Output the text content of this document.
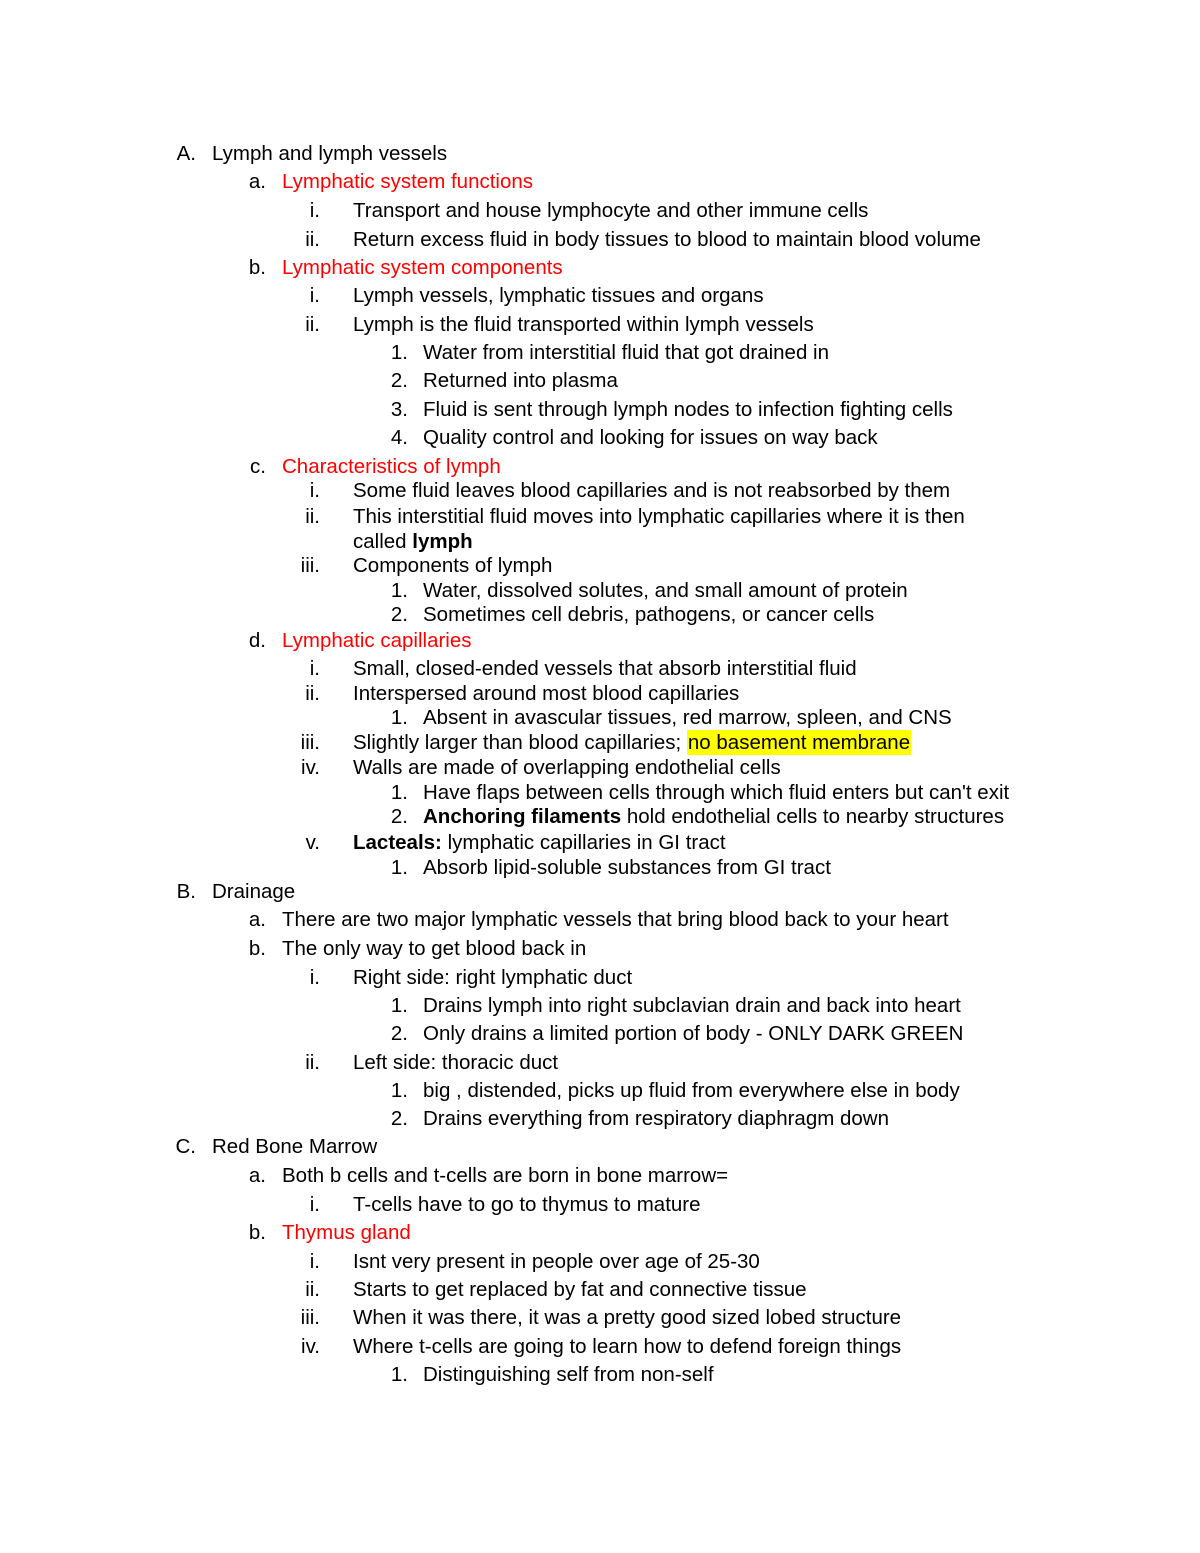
A. Lymph and lymph vessels
a. Lymphatic system functions
i. Transport and house lymphocyte and other immune cells
ii. Return excess fluid in body tissues to blood to maintain blood volume
b. Lymphatic system components
i. Lymph vessels, lymphatic tissues and organs
ii. Lymph is the fluid transported within lymph vessels
1. Water from interstitial fluid that got drained in
2. Returned into plasma
3. Fluid is sent through lymph nodes to infection fighting cells
4. Quality control and looking for issues on way back
c. Characteristics of lymph
i. Some fluid leaves blood capillaries and is not reabsorbed by them
ii. This interstitial fluid moves into lymphatic capillaries where it is then
called lymph
iii. Components of lymph
1. Water, dissolved solutes, and small amount of protein
2. Sometimes cell debris, pathogens, or cancer cells
d. Lymphatic capillaries
i. Small, closed-ended vessels that absorb interstitial fluid
ii. Interspersed around most blood capillaries
1. Absent in avascular tissues, red marrow, spleen, and CNS
iii. Slightly larger than blood capillaries; no basement membrane
iv. Walls are made of overlapping endothelial cells
1. Have flaps between cells through which fluid enters but can't exit
2. Anchoring filaments hold endothelial cells to nearby structures
v. Lacteals: lymphatic capillaries in GI tract
1. Absorb lipid-soluble substances from GI tract
B. Drainage
a. There are two major lymphatic vessels that bring blood back to your heart
b. The only way to get blood back in
i. Right side: right lymphatic duct
1. Drains lymph into right subclavian drain and back into heart
2. Only drains a limited portion of body - ONLY DARK GREEN
ii. Left side: thoracic duct
1. big , distended, picks up fluid from everywhere else in body
2. Drains everything from respiratory diaphragm down
C. Red Bone Marrow
a. Both b cells and t-cells are born in bone marrow=
i. T-cells have to go to thymus to mature
b. Thymus gland
i. Isnt very present in people over age of 25-30
ii. Starts to get replaced by fat and connective tissue
iii. When it was there, it was a pretty good sized lobed structure
iv. Where t-cells are going to learn how to defend foreign things
1. Distinguishing self from non-self
